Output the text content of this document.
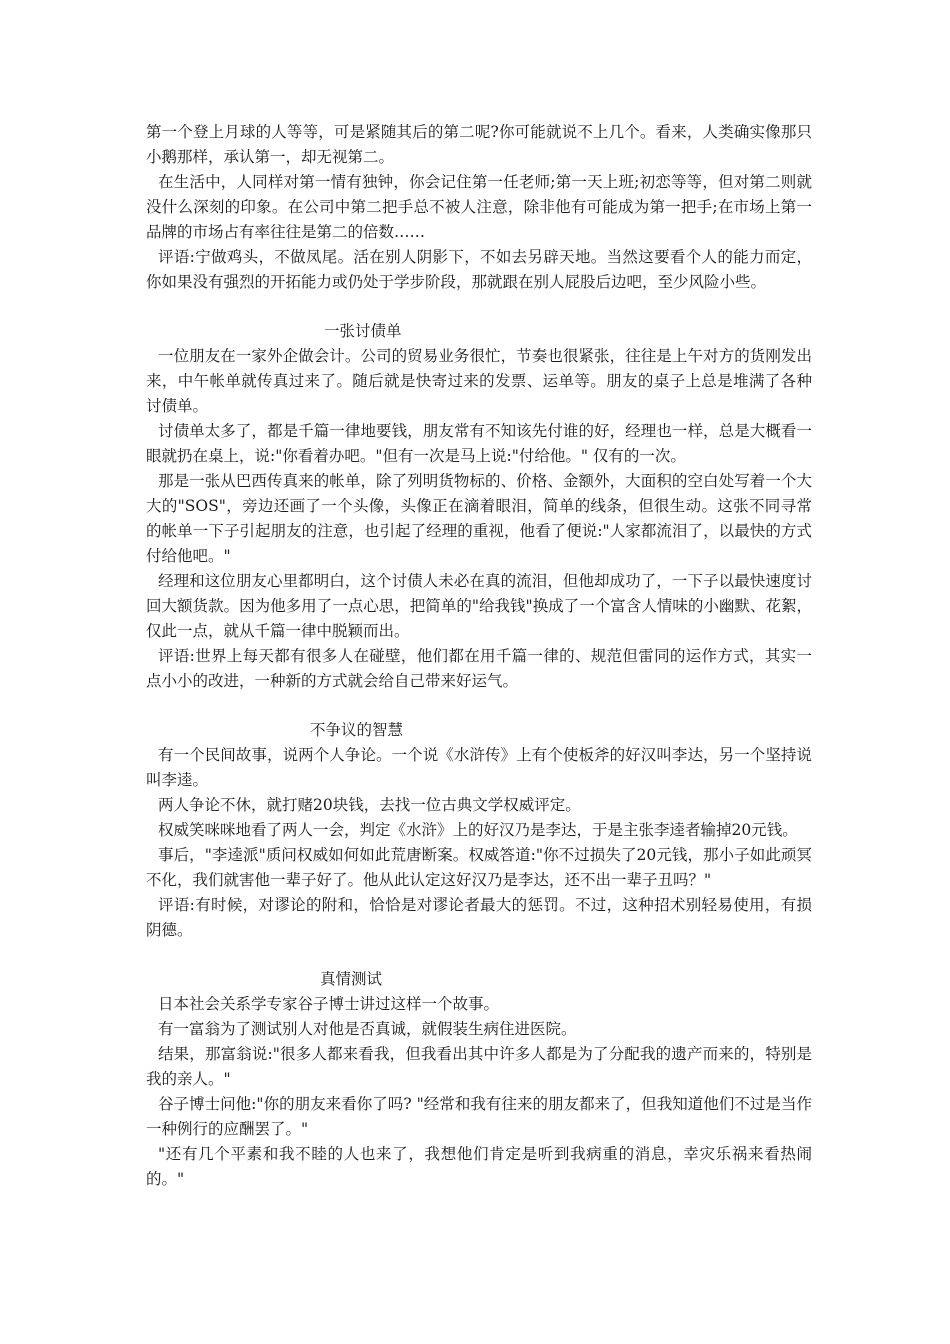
第一个登上月球的人等等，可是紧随其后的第二呢?你可能就说不上几个。看来，人类确实像那只小鹅那样，承认第一，却无视第二。

在生活中，人同样对第一情有独钟，你会记住第一任老师;第一天上班;初恋等等，但对第二则就没什么深刻的印象。在公司中第二把手总不被人注意，除非他有可能成为第一把手;在市场上第一品牌的市场占有率往往是第二的倍数……

评语:宁做鸡头，不做凤尾。活在别人阴影下，不如去另辟天地。当然这要看个人的能力而定，你如果没有强烈的开拓能力或仍处于学步阶段，那就跟在别人屁股后边吧，至少风险小些。

一张讨债单

一位朋友在一家外企做会计。公司的贸易业务很忙，节奏也很紧张，往往是上午对方的货刚发出来，中午帐单就传真过来了。随后就是快寄过来的发票、运单等。朋友的桌子上总是堆满了各种讨债单。

讨债单太多了，都是千篇一律地要钱，朋友常有不知该先付谁的好，经理也一样，总是大概看一眼就扔在桌上，说:"你看着办吧。"但有一次是马上说:"付给他。" 仅有的一次。

那是一张从巴西传真来的帐单，除了列明货物标的、价格、金额外，大面积的空白处写着一个大大的"SOS"，旁边还画了一个头像，头像正在滴着眼泪，简单的线条，但很生动。这张不同寻常的帐单一下子引起朋友的注意，也引起了经理的重视，他看了便说:"人家都流泪了，以最快的方式付给他吧。"

经理和这位朋友心里都明白，这个讨债人未必在真的流泪，但他却成功了，一下子以最快速度讨回大额货款。因为他多用了一点心思，把简单的"给我钱"换成了一个富含人情味的小幽默、花絮，仅此一点，就从千篇一律中脱颖而出。

评语:世界上每天都有很多人在碰壁，他们都在用千篇一律的、规范但雷同的运作方式，其实一点小小的改进，一种新的方式就会给自己带来好运气。

不争议的智慧

有一个民间故事，说两个人争论。一个说《水浒传》上有个使板斧的好汉叫李达，另一个坚持说叫李逵。

两人争论不休，就打赌20块钱，去找一位古典文学权威评定。

权威笑咪咪地看了两人一会，判定《水浒》上的好汉乃是李达，于是主张李逵者输掉20元钱。

事后，"李逵派"质问权威如何如此荒唐断案。权威答道:"你不过损失了20元钱，那小子如此顽冥不化，我们就害他一辈子好了。他从此认定这好汉乃是李达，还不出一辈子丑吗？"

评语:有时候，对谬论的附和，恰恰是对谬论者最大的惩罚。不过，这种招术别轻易使用，有损阴德。

真情测试

日本社会关系学专家谷子博士讲过这样一个故事。

有一富翁为了测试别人对他是否真诚，就假装生病住进医院。

结果，那富翁说:"很多人都来看我，但我看出其中许多人都是为了分配我的遗产而来的，特别是我的亲人。"

谷子博士问他:"你的朋友来看你了吗? "经常和我有往来的朋友都来了，但我知道他们不过是当作一种例行的应酬罢了。"

"还有几个平素和我不睦的人也来了，我想他们肯定是听到我病重的消息，幸灾乐祸来看热闹的。"
